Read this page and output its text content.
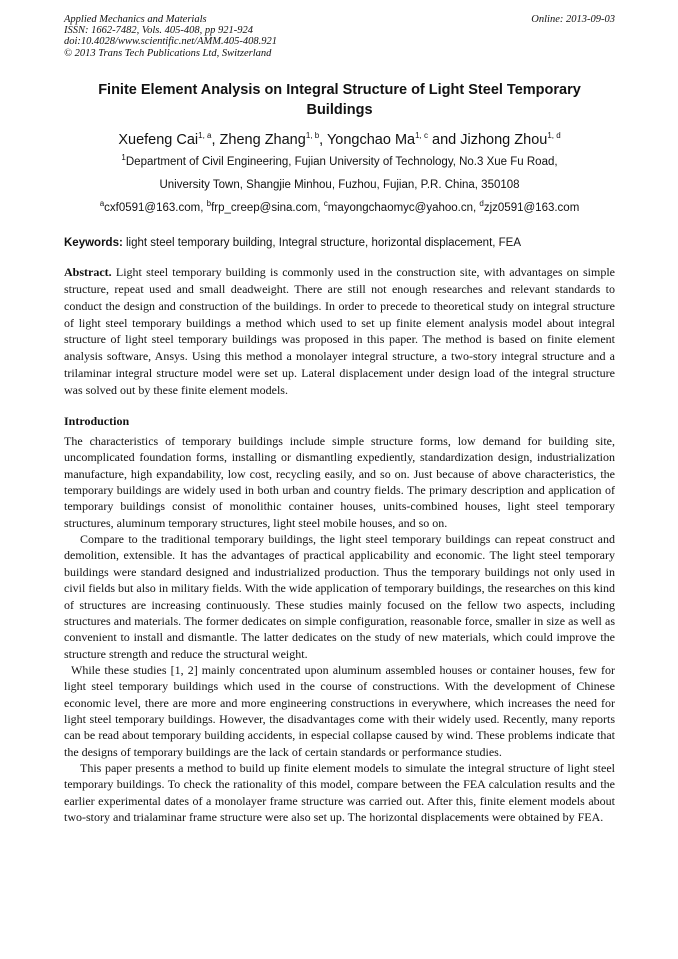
Applied Mechanics and Materials
ISSN: 1662-7482, Vols. 405-408, pp 921-924
doi:10.4028/www.scientific.net/AMM.405-408.921
© 2013 Trans Tech Publications Ltd, Switzerland
Online: 2013-09-03
Finite Element Analysis on Integral Structure of Light Steel Temporary Buildings
Xuefeng Cai$^{1, a}$, Zheng Zhang$^{1, b}$, Yongchao Ma$^{1, c}$ and Jizhong Zhou$^{1, d}$
$^1$Department of Civil Engineering, Fujian University of Technology, No.3 Xue Fu Road,
University Town, Shangjie Minhou, Fuzhou, Fujian, P.R. China, 350108
$^a$cxf0591@163.com, $^b$frp_creep@sina.com, $^c$mayongchaomyc@yahoo.cn, $^d$zjz0591@163.com
Keywords: light steel temporary building, Integral structure, horizontal displacement, FEA
Abstract. Light steel temporary building is commonly used in the construction site, with advantages on simple structure, repeat used and small deadweight. There are still not enough researches and relevant standards to conduct the design and construction of the buildings. In order to precede to theoretical study on integral structure of light steel temporary buildings a method which used to set up finite element analysis model about integral structure of light steel temporary buildings was proposed in this paper. The method is based on finite element analysis software, Ansys. Using this method a monolayer integral structure, a two-story integral structure and a trilaminar integral structure model were set up. Lateral displacement under design load of the integral structure was solved out by these finite element models.
Introduction
The characteristics of temporary buildings include simple structure forms, low demand for building site, uncomplicated foundation forms, installing or dismantling expediently, standardization design, industrialization manufacture, high expandability, low cost, recycling easily, and so on. Just because of above characteristics, the temporary buildings are widely used in both urban and country fields. The primary description and application of temporary buildings consist of monolithic container houses, units-combined houses, light steel temporary structures, aluminum temporary structures, light steel mobile houses, and so on.
Compare to the traditional temporary buildings, the light steel temporary buildings can repeat construct and demolition, extensible. It has the advantages of practical applicability and economic. The light steel temporary buildings were standard designed and industrialized production. Thus the temporary buildings not only used in civil fields but also in military fields. With the wide application of temporary buildings, the researches on this kind of structures are increasing continuously. These studies mainly focused on the fellow two aspects, including structures and materials. The former dedicates on simple configuration, reasonable force, smaller in size as well as convenient to install and dismantle. The latter dedicates on the study of new materials, which could improve the structure strength and reduce the structural weight.
While these studies [1, 2] mainly concentrated upon aluminum assembled houses or container houses, few for light steel temporary buildings which used in the course of constructions. With the development of Chinese economic level, there are more and more engineering constructions in everywhere, which increases the need for light steel temporary buildings. However, the disadvantages come with their widely used. Recently, many reports can be read about temporary building accidents, in especial collapse caused by wind. These problems indicate that the designs of temporary buildings are the lack of certain standards or performance studies.
This paper presents a method to build up finite element models to simulate the integral structure of light steel temporary buildings. To check the rationality of this model, compare between the FEA calculation results and the earlier experimental dates of a monolayer frame structure was carried out. After this, finite element models about two-story and trialaminar frame structure were also set up. The horizontal displacements were obtained by FEA.
